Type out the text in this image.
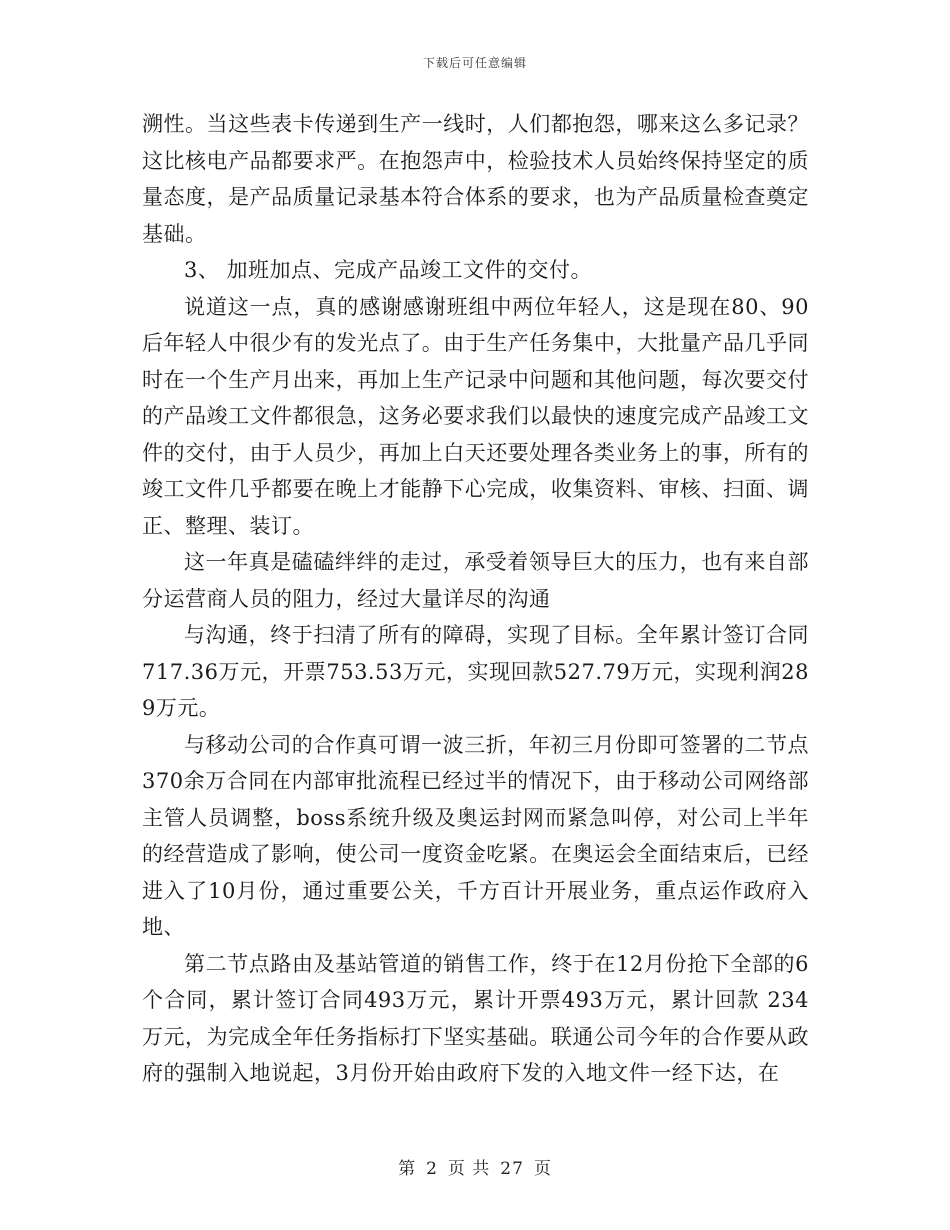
下载后可任意编辑

溯性。当这些表卡传递到生产一线时，人们都抱怨，哪来这么多记录？这比核电产品都要求严。在抱怨声中，检验技术人员始终保持坚定的质量态度，是产品质量记录基本符合体系的要求，也为产品质量检查奠定基础。

3、 加班加点、完成产品竣工文件的交付。

说道这一点，真的感谢感谢班组中两位年轻人，这是现在80、90后年轻人中很少有的发光点了。由于生产任务集中，大批量产品几乎同时在一个生产月出来，再加上生产记录中问题和其他问题，每次要交付的产品竣工文件都很急，这务必要求我们以最快的速度完成产品竣工文件的交付，由于人员少，再加上白天还要处理各类业务上的事，所有的竣工文件几乎都要在晚上才能静下心完成，收集资料、审核、扫面、调正、整理、装订。

这一年真是磕磕绊绊的走过，承受着领导巨大的压力，也有来自部分运营商人员的阻力，经过大量详尽的沟通

与沟通，终于扫清了所有的障碍，实现了目标。全年累计签订合同717.36万元，开票753.53万元，实现回款527.79万元，实现利润289万元。

与移动公司的合作真可谓一波三折，年初三月份即可签署的二节点370余万合同在内部审批流程已经过半的情况下，由于移动公司网络部主管人员调整，boss系统升级及奥运封网而紧急叫停，对公司上半年的经营造成了影响，使公司一度资金吃紧。在奥运会全面结束后，已经进入了10月份，通过重要公关，千方百计开展业务，重点运作政府入地、

第二节点路由及基站管道的销售工作，终于在12月份抢下全部的6个合同，累计签订合同493万元，累计开票493万元，累计回款 234万元，为完成全年任务指标打下坚实基础。联通公司今年的合作要从政府的强制入地说起，3月份开始由政府下发的入地文件一经下达，在

第 2 页 共 27 页
